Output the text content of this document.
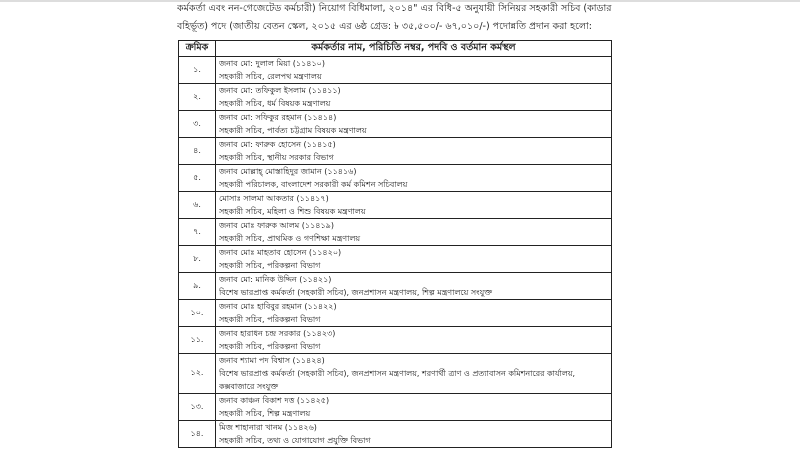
কর্মকর্তা এবং নন-গেজেটেড কর্মচারী) নিয়োগ বিধিমালা, ২০১৪" এর বিধি-৫ অনুযায়ী সিনিয়র সহকারী সচিব (কাডার
বহির্ভূত) পদে (জাতীয় বেতন স্কেল, ২০১৫ এর ৬ষ্ঠ গ্রেড: ৳ ৩৫,৫০০/- ৬৭,০১০/-) পদোন্নতি প্রদান করা হলো:
ক্রমিক	কর্মকর্তার নাম, পরিচিতি নম্বর, পদবি ও বর্তমান কর্মস্থল
১.	জনাব মো: দুলাল মিয়া (১১৪১০)
সহকারী সচিব, রেলপথ মন্ত্রণালয়

২.	জনাব মো: তফিকুল ইসলাম (১১৪১১)
সহকারী সচিব, ধর্ম বিষয়ক মন্ত্রণালয়

৩.	জনাব মো: সফিকুর রহমান (১১৪১৪)
সহকারী সচিব, পার্বত্য চট্টগ্রাম বিষয়ক মন্ত্রণালয়

৪.	জনাব মো: ফারুক হোসেন (১১৪১৫)
সহকারী সচিব, স্থানীয় সরকার বিভাগ

৫.	জনাব মোল্লাহ্ মোস্তাহিদুর জামান (১১৪১৬)
সহকারী পরিচালক, বাংলাদেশ সরকারী কর্ম কমিশন সচিবালয়

৬.	মোসাঃ সালমা আকতার (১১৪১৭)
সহকারী সচিব, মহিলা ও শিশু বিষয়ক মন্ত্রণালয়

৭.	জনাব মোঃ ফারুক আলম (১১৪১৯)
সহকারী সচিব, প্রাথমিক ও গণশিক্ষা মন্ত্রণালয়

৮.	জনাব মোঃ মাহতাব হোসেন (১১৪২০)
সহকারী সচিব, পরিকল্পনা বিভাগ

৯.	জনাব মো: মানিক উদ্দিন (১১৪২১)
বিশেষ ভারপ্রাপ্ত কর্মকর্তা (সহকারী সচিব), জনপ্রশাসন মন্ত্রণালয়, শিল্প মন্ত্রণালয়ে সংযুক্ত

১০.	জনাব মোঃ হাবিবুর রহমান (১১৪২২)
সহকারী সচিব, পরিকল্পনা বিভাগ

১১.	জনাব হারাধন চন্দ্র সরকার (১১৪২৩)
সহকারী সচিব, পরিকল্পনা বিভাগ

১২.	জনাব শ্যামা পদ বিশ্বাস (১১৪২৪)
বিশেষ ভারপ্রাপ্ত কর্মকর্তা (সহকারী সচিব), জনপ্রশাসন মন্ত্রণালয়, শরণার্থী ত্রাণ ও প্রত্যাবাসন কমিশনারের কার্যালয়,
কক্সবাজারে সংযুক্ত

১৩.	জনাব কাঞ্চন বিকাশ দত্ত (১১৪২৫)
সহকারী সচিব, শিল্প মন্ত্রণালয়

১৪.	মিজ শাহানারা খানম (১১৪২৬)
সহকারী সচিব, তথ্য ও যোগাযোগ প্রযুক্তি বিভাগ
